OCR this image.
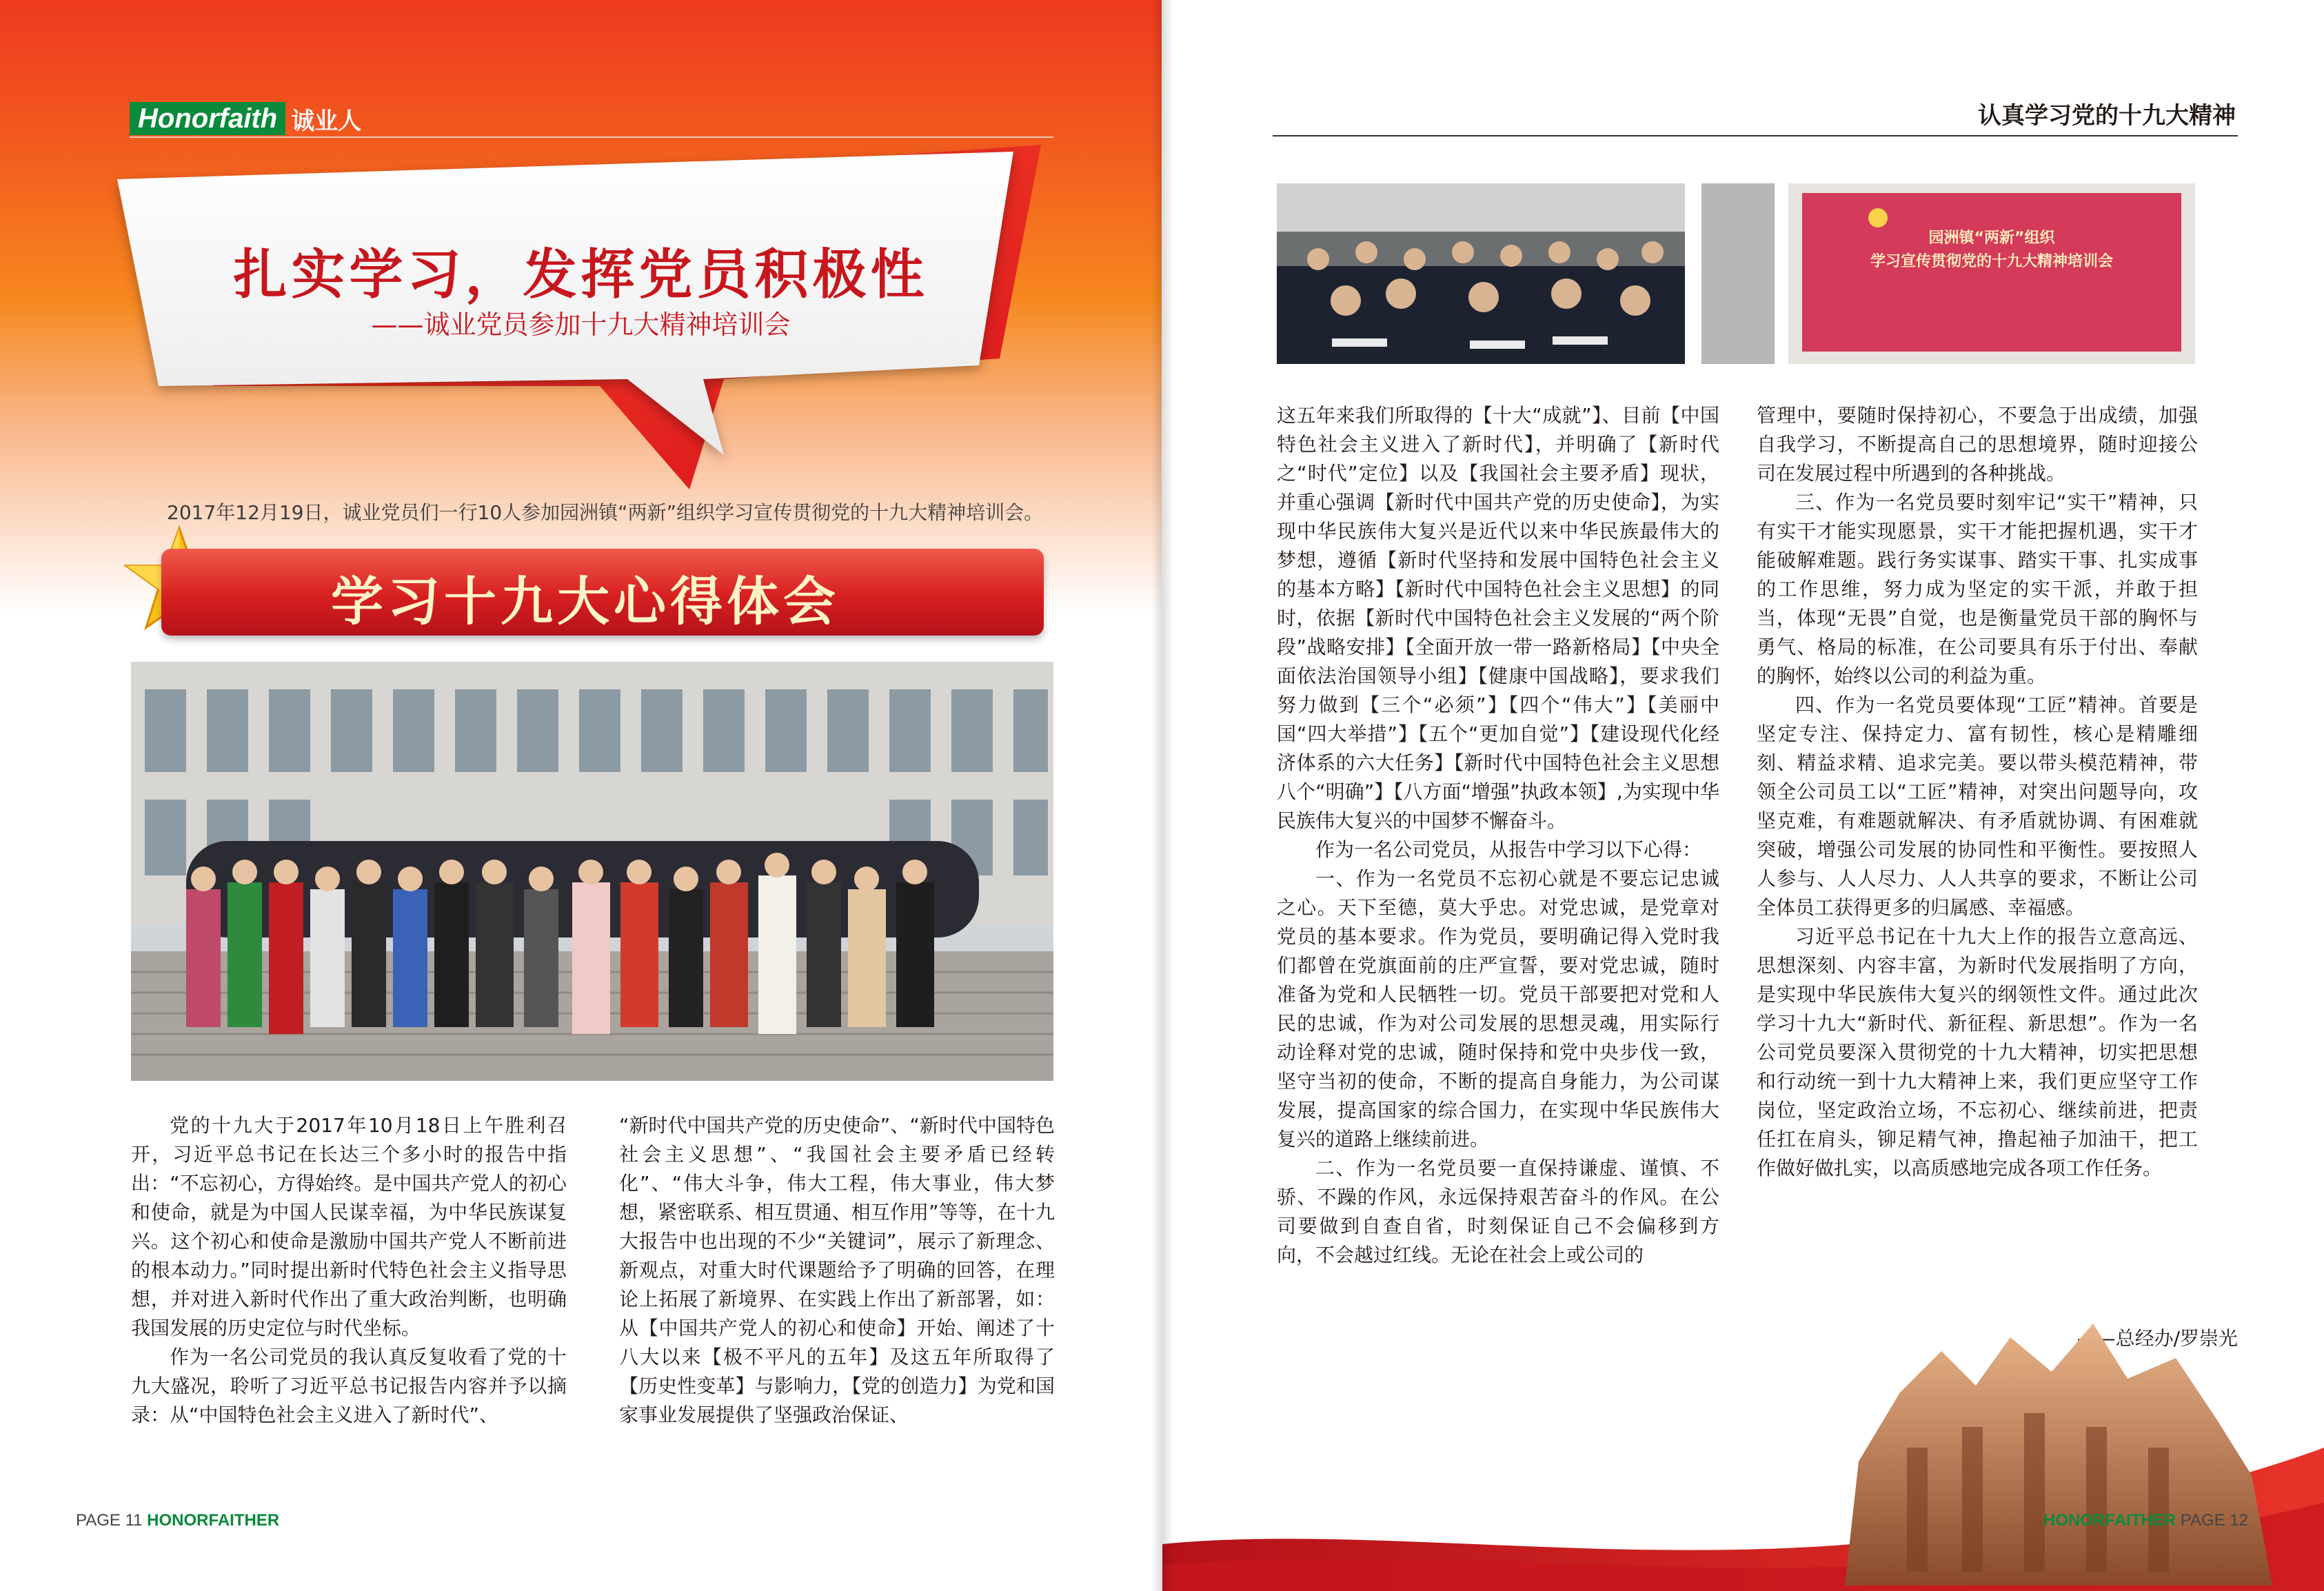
Honorfaith 诚业人
扎实学习，发挥党员积极性
——诚业党员参加十九大精神培训会
2017年12月19日，诚业党员们一行10人参加园洲镇“两新”组织学习宣传贯彻党的十九大精神培训会。
学习十九大心得体会

党的十九大于2017年10月18日上午胜利召开，习近平总书记在长达三个多小时的报告中指出：“不忘初心，方得始终。是中国共产党人的初心和使命，就是为中国人民谋幸福，为中华民族谋复兴。这个初心和使命是激励中国共产党人不断前进的根本动力。”同时提出新时代特色社会主义指导思想，并对进入新时代作出了重大政治判断，也明确我国发展的历史定位与时代坐标。

作为一名公司党员的我认真反复收看了党的十九大盛况，聆听了习近平总书记报告内容并予以摘录：从“中国特色社会主义进入了新时代”、

“新时代中国共产党的历史使命”、“新时代中国特色社会主义思想”、“我国社会主要矛盾已经转化”、“伟大斗争，伟大工程，伟大事业，伟大梦想，紧密联系、相互贯通、相互作用”等等，在十九大报告中也出现的不少“关键词”，展示了新理念、新观点，对重大时代课题给予了明确的回答，在理论上拓展了新境界、在实践上作出了新部署，如：从【中国共产党人的初心和使命】开始、阐述了十八大以来【极不平凡的五年】及这五年所取得了【历史性变革】与影响力，【党的创造力】为党和国家事业发展提供了坚强政治保证、

PAGE 11 HONORFAITHER
认真学习党的十九大精神
园洲镇“两新”组织
学习宣传贯彻党的十九大精神培训会

这五年来我们所取得的【十大“成就”】、目前【中国特色社会主义进入了新时代】，并明确了【新时代之“时代”定位】以及【我国社会主要矛盾】现状，并重心强调【新时代中国共产党的历史使命】，为实现中华民族伟大复兴是近代以来中华民族最伟大的梦想，遵循【新时代坚持和发展中国特色社会主义的基本方略】【新时代中国特色社会主义思想】的同时，依据【新时代中国特色社会主义发展的“两个阶段”战略安排】【全面开放一带一路新格局】【中央全面依法治国领导小组】【健康中国战略】，要求我们努力做到【三个“必须”】【四个“伟大”】【美丽中国“四大举措”】【五个“更加自觉”】【建设现代化经济体系的六大任务】【新时代中国特色社会主义思想八个“明确”】【八方面“增强”执政本领】,为实现中华民族伟大复兴的中国梦不懈奋斗。

作为一名公司党员，从报告中学习以下心得：

一、作为一名党员不忘初心就是不要忘记忠诚之心。天下至德，莫大乎忠。对党忠诚，是党章对党员的基本要求。作为党员，要明确记得入党时我们都曾在党旗面前的庄严宣誓，要对党忠诚，随时准备为党和人民牺牲一切。党员干部要把对党和人民的忠诚，作为对公司发展的思想灵魂，用实际行动诠释对党的忠诚，随时保持和党中央步伐一致，坚守当初的使命，不断的提高自身能力，为公司谋发展，提高国家的综合国力，在实现中华民族伟大复兴的道路上继续前进。

二、作为一名党员要一直保持谦虚、谨慎、不骄、不躁的作风，永远保持艰苦奋斗的作风。在公司要做到自查自省，时刻保证自己不会偏移到方向，不会越过红线。无论在社会上或公司的

管理中，要随时保持初心，不要急于出成绩，加强自我学习，不断提高自己的思想境界，随时迎接公司在发展过程中所遇到的各种挑战。

三、作为一名党员要时刻牢记“实干”精神，只有实干才能实现愿景，实干才能把握机遇，实干才能破解难题。践行务实谋事、踏实干事、扎实成事的工作思维，努力成为坚定的实干派，并敢于担当，体现“无畏”自觉，也是衡量党员干部的胸怀与勇气、格局的标准，在公司要具有乐于付出、奉献的胸怀，始终以公司的利益为重。

四、作为一名党员要体现“工匠”精神。首要是坚定专注、保持定力、富有韧性，核心是精雕细刻、精益求精、追求完美。要以带头模范精神，带领全公司员工以“工匠”精神，对突出问题导向，攻坚克难，有难题就解决、有矛盾就协调、有困难就突破，增强公司发展的协同性和平衡性。要按照人人参与、人人尽力、人人共享的要求，不断让公司全体员工获得更多的归属感、幸福感。

习近平总书记在十九大上作的报告立意高远、思想深刻、内容丰富，为新时代发展指明了方向，是实现中华民族伟大复兴的纲领性文件。通过此次学习十九大“新时代、新征程、新思想”。作为一名公司党员要深入贯彻党的十九大精神，切实把思想和行动统一到十九大精神上来，我们更应坚守工作岗位，坚定政治立场，不忘初心、继续前进，把责任扛在肩头，铆足精气神，撸起袖子加油干，把工作做好做扎实，以高质感地完成各项工作任务。

——总经办/罗崇光
HONORFAITHER PAGE 12
